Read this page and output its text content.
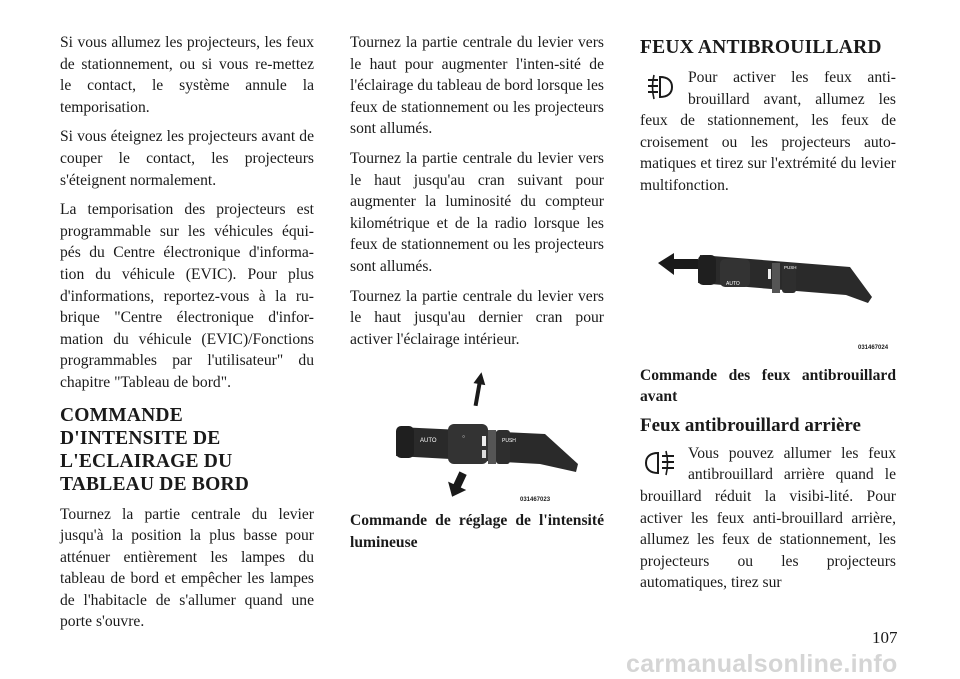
Si vous allumez les projecteurs, les feux de stationnement, ou si vous re-mettez le contact, le système annule la temporisation.

Si vous éteignez les projecteurs avant de couper le contact, les projecteurs s'éteignent normalement.

La temporisation des projecteurs est programmable sur les véhicules équi-pés du Centre électronique d'informa-tion du véhicule (EVIC). Pour plus d'informations, reportez-vous à la ru-brique "Centre électronique d'infor-mation du véhicule (EVIC)/Fonctions programmables par l'utilisateur" du chapitre "Tableau de bord".

COMMANDE D'INTENSITE DE L'ECLAIRAGE DU TABLEAU DE BORD

Tournez la partie centrale du levier jusqu'à la position la plus basse pour atténuer entièrement les lampes du tableau de bord et empêcher les lampes de l'habitacle de s'allumer quand une porte s'ouvre.

Tournez la partie centrale du levier vers le haut pour augmenter l'inten-sité de l'éclairage du tableau de bord lorsque les feux de stationnement ou les projecteurs sont allumés.

Tournez la partie centrale du levier vers le haut jusqu'au cran suivant pour augmenter la luminosité du compteur kilométrique et de la radio lorsque les feux de stationnement ou les projecteurs sont allumés.

Tournez la partie centrale du levier vers le haut jusqu'au dernier cran pour activer l'éclairage intérieur.

AUTO
○
PUSH
031467023

Commande de réglage de l'intensité lumineuse

FEUX ANTIBROUILLARD

Pour activer les feux anti-brouillard avant, allumez les feux de stationnement, les feux de croisement ou les projecteurs auto-matiques et tirez sur l'extrémité du levier multifonction.

AUTO
PUSH
031467024

Commande des feux antibrouillard avant

Feux antibrouillard arrière

Vous pouvez allumer les feux antibrouillard arrière quand le brouillard réduit la visibi-lité. Pour activer les feux anti-brouillard arrière, allumez les feux de stationnement, les projecteurs ou les projecteurs automatiques, tirez sur

107
carmanualsonline.info
